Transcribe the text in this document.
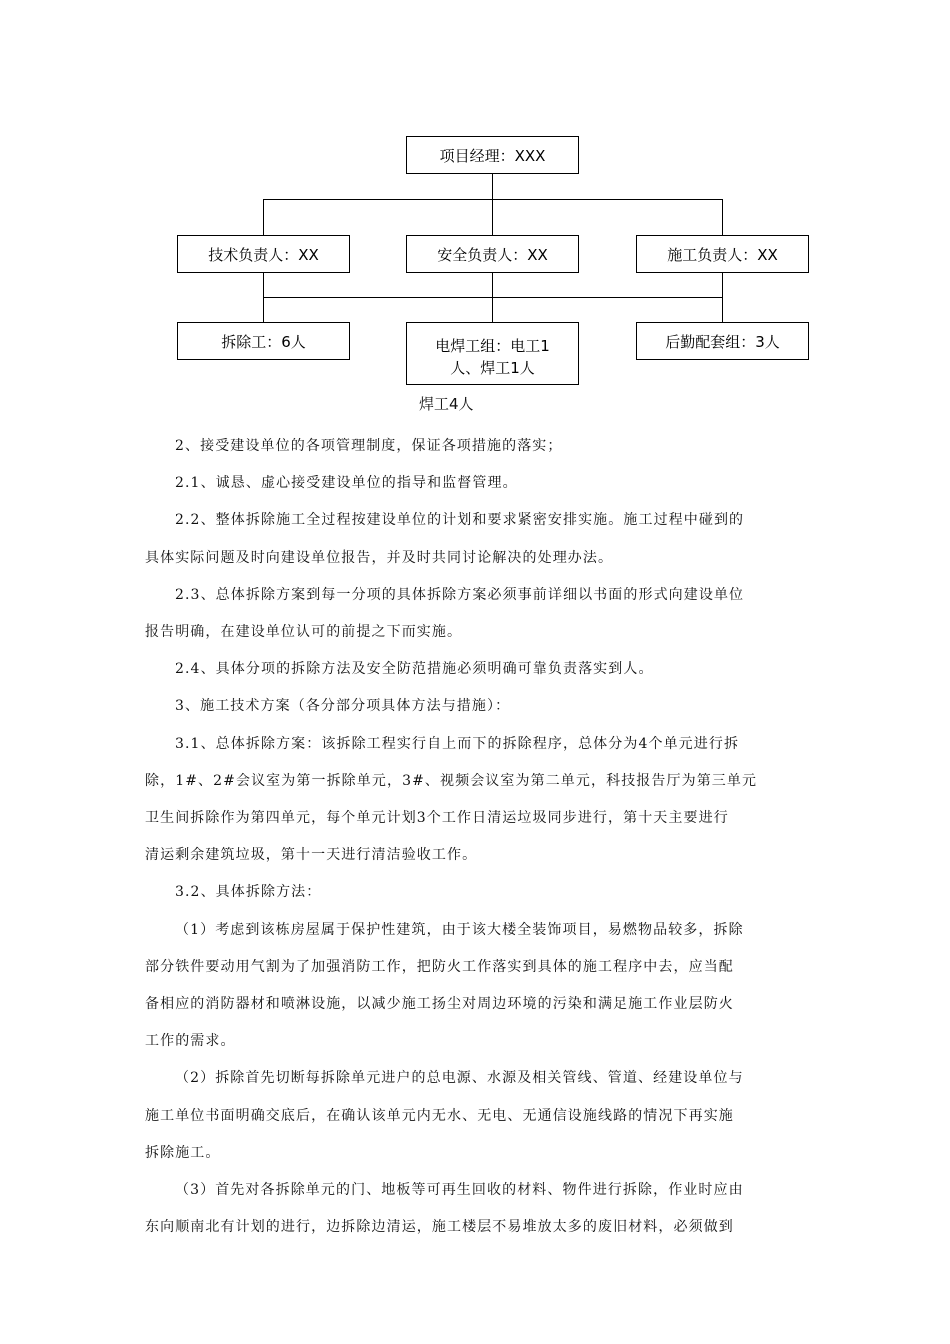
项目经理：XXX
技术负责人：XX	安全负责人：XX	施工负责人：XX
拆除工：6人	电焊工组：电工1
人、焊工1人
后勤配套组：3人
焊工4人

2、接受建设单位的各项管理制度，保证各项措施的落实；

2.1、诚恳、虚心接受建设单位的指导和监督管理。

2.2、整体拆除施工全过程按建设单位的计划和要求紧密安排实施。施工过程中碰到的

具体实际问题及时向建设单位报告，并及时共同讨论解决的处理办法。

2.3、总体拆除方案到每一分项的具体拆除方案必须事前详细以书面的形式向建设单位

报告明确，在建设单位认可的前提之下而实施。

2.4、具体分项的拆除方法及安全防范措施必须明确可靠负责落实到人。

3、施工技术方案（各分部分项具体方法与措施）：

3.1、总体拆除方案：该拆除工程实行自上而下的拆除程序，总体分为4个单元进行拆

除，1#、2#会议室为第一拆除单元，3#、视频会议室为第二单元，科技报告厅为第三单元

卫生间拆除作为第四单元，每个单元计划3个工作日清运垃圾同步进行，第十天主要进行

清运剩余建筑垃圾，第十一天进行清洁验收工作。

3.2、具体拆除方法：

（1）考虑到该栋房屋属于保护性建筑，由于该大楼全装饰项目，易燃物品较多，拆除

部分铁件要动用气割为了加强消防工作，把防火工作落实到具体的施工程序中去，应当配

备相应的消防器材和喷淋设施，以减少施工扬尘对周边环境的污染和满足施工作业层防火

工作的需求。

（2）拆除首先切断每拆除单元进户的总电源、水源及相关管线、管道、经建设单位与

施工单位书面明确交底后，在确认该单元内无水、无电、无通信设施线路的情况下再实施

拆除施工。

（3）首先对各拆除单元的门、地板等可再生回收的材料、物件进行拆除，作业时应由

东向顺南北有计划的进行，边拆除边清运，施工楼层不易堆放太多的废旧材料，必须做到
